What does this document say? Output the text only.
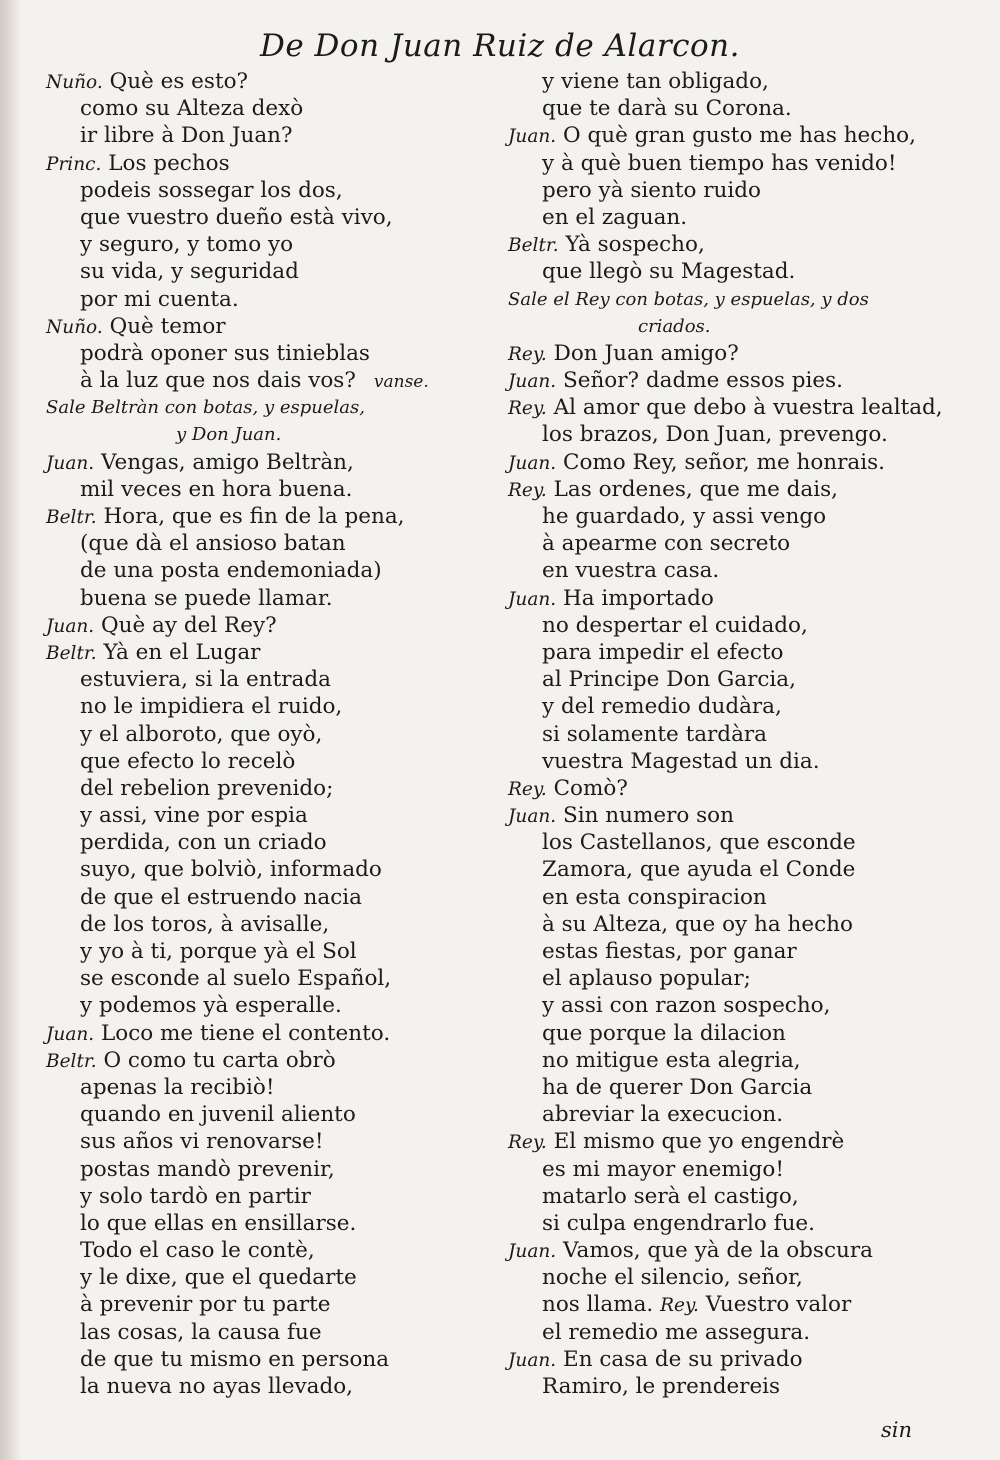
De Don Juan Ruiz de Alarcon.
Nuño. Què es esto?
como su Alteza dexò
ir libre à Don Juan?
Princ. Los pechos
podeis sossegar los dos,
que vuestro dueño està vivo,
y seguro, y tomo yo
su vida, y seguridad
por mi cuenta.
Nuño. Què temor
podrà oponer sus tinieblas
à la luz que nos dais vos? vanse.
Sale Beltràn con botas, y espuelas,
y Don Juan.
Juan. Vengas, amigo Beltràn,
mil veces en hora buena.
Beltr. Hora, que es fin de la pena,
(que dà el ansioso batan
de una posta endemoniada)
buena se puede llamar.
Juan. Què ay del Rey?
Beltr. Yà en el Lugar
estuviera, si la entrada
no le impidiera el ruido,
y el alboroto, que oyò,
que efecto lo recelò
del rebelion prevenido;
y assi, vine por espia
perdida, con un criado
suyo, que bolviò, informado
de que el estruendo nacia
de los toros, à avisalle,
y yo à ti, porque yà el Sol
se esconde al suelo Español,
y podemos yà esperalle.
Juan. Loco me tiene el contento.
Beltr. O como tu carta obrò
apenas la recibiò!
quando en juvenil aliento
sus años vi renovarse!
postas mandò prevenir,
y solo tardò en partir
lo que ellas en ensillarse.
Todo el caso le contè,
y le dixe, que el quedarte
à prevenir por tu parte
las cosas, la causa fue
de que tu mismo en persona
la nueva no ayas llevado,
y viene tan obligado,
que te darà su Corona.
Juan. O què gran gusto me has hecho,
y à què buen tiempo has venido!
pero yà siento ruido
en el zaguan.
Beltr. Yà sospecho,
que llegò su Magestad.
Sale el Rey con botas, y espuelas, y dos
criados.
Rey. Don Juan amigo?
Juan. Señor? dadme essos pies.
Rey. Al amor que debo à vuestra lealtad,
los brazos, Don Juan, prevengo.
Juan. Como Rey, señor, me honrais.
Rey. Las ordenes, que me dais,
he guardado, y assi vengo
à apearme con secreto
en vuestra casa.
Juan. Ha importado
no despertar el cuidado,
para impedir el efecto
al Principe Don Garcia,
y del remedio dudàra,
si solamente tardàra
vuestra Magestad un dia.
Rey. Comò?
Juan. Sin numero son
los Castellanos, que esconde
Zamora, que ayuda el Conde
en esta conspiracion
à su Alteza, que oy ha hecho
estas fiestas, por ganar
el aplauso popular;
y assi con razon sospecho,
que porque la dilacion
no mitigue esta alegria,
ha de querer Don Garcia
abreviar la execucion.
Rey. El mismo que yo engendrè
es mi mayor enemigo!
matarlo serà el castigo,
si culpa engendrarlo fue.
Juan. Vamos, que yà de la obscura
noche el silencio, señor,
nos llama. Rey. Vuestro valor
el remedio me assegura.
Juan. En casa de su privado
Ramiro, le prendereis
sin
